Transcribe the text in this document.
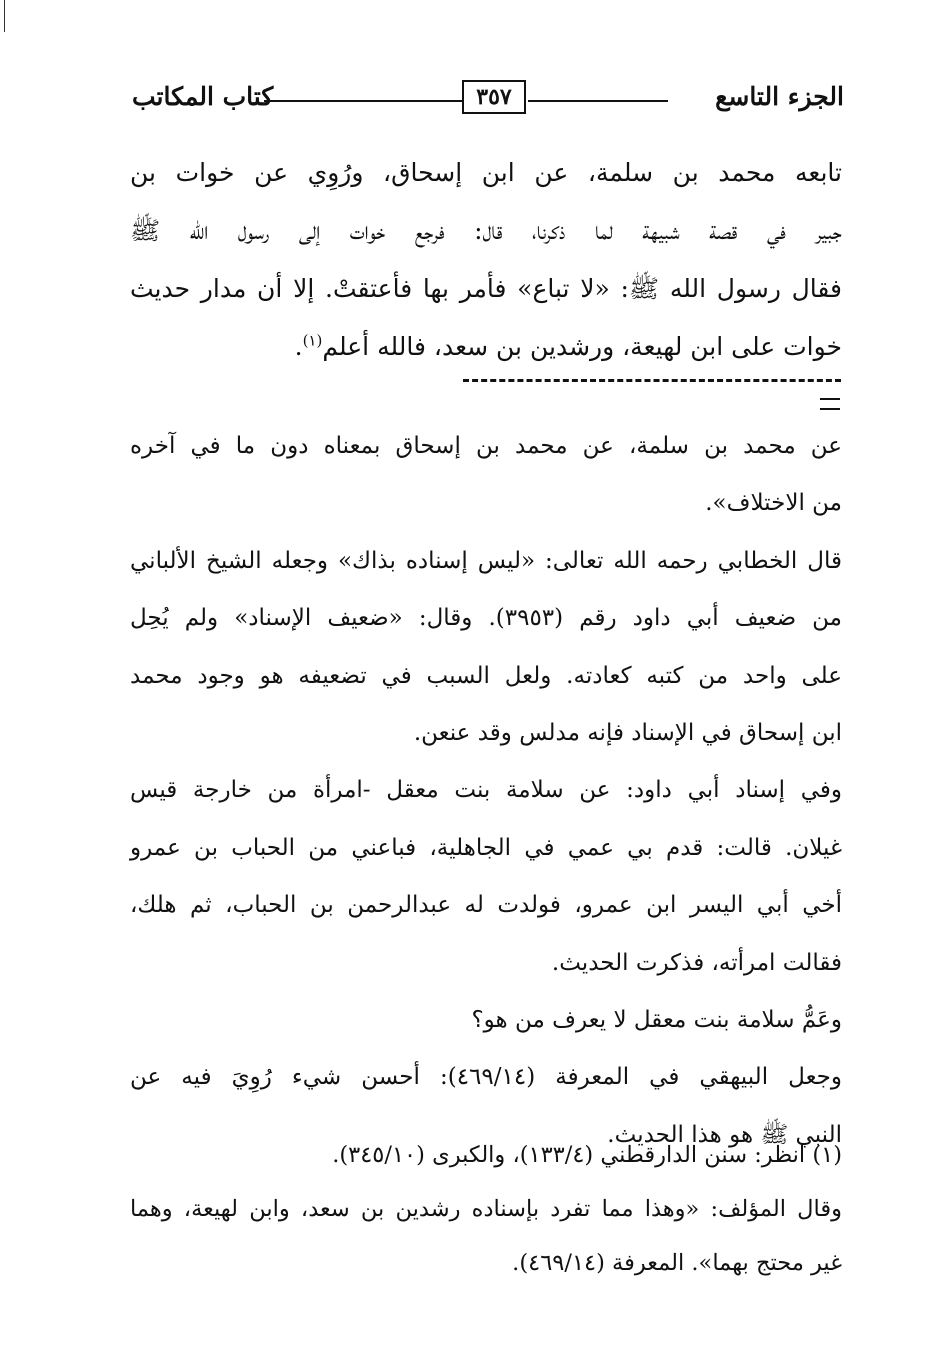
الجزء التاسع
٣٥٧
كتاب المكاتب
تابعه محمد بن سلمة، عن ابن إسحاق، ورُوِي عن خوات بن
جبير في قصة شبيهة لما ذكرنا، قال: فرجع خوات إلى رسول الله ﷺ
فقال رسول الله ﷺ: «لا تباع» فأمر بها فأعتقتْ. إلا أن مدار حديث
خوات على ابن لهيعة، ورشدين بن سعد، فالله أعلم$^{(١)}$.
عن محمد بن سلمة، عن محمد بن إسحاق بمعناه دون ما في آخره
من الاختلاف».
قال الخطابي رحمه الله تعالى: «ليس إسناده بذاك» وجعله الشيخ الألباني
من ضعيف أبي داود رقم (٣٩٥٣). وقال: «ضعيف الإسناد» ولم يُحِل
على واحد من كتبه كعادته. ولعل السبب في تضعيفه هو وجود محمد
ابن إسحاق في الإسناد فإنه مدلس وقد عنعن.
وفي إسناد أبي داود: عن سلامة بنت معقل -امرأة من خارجة قيس
غيلان. قالت: قدم بي عمي في الجاهلية، فباعني من الحباب بن عمرو
أخي أبي اليسر ابن عمرو، فولدت له عبدالرحمن بن الحباب، ثم هلك،
فقالت امرأته، فذكرت الحديث.
وعَمُّ سلامة بنت معقل لا يعرف من هو؟
وجعل البيهقي في المعرفة (٤٦٩/١٤): أحسن شيء رُوِيَ فيه عن
النبي ﷺ هو هذا الحديث.
(١) انظر: سنن الدارقطني (١٣٣/٤)، والكبرى (٣٤٥/١٠).
وقال المؤلف: «وهذا مما تفرد بإسناده رشدين بن سعد، وابن لهيعة، وهما
غير محتج بهما». المعرفة (٤٦٩/١٤).
